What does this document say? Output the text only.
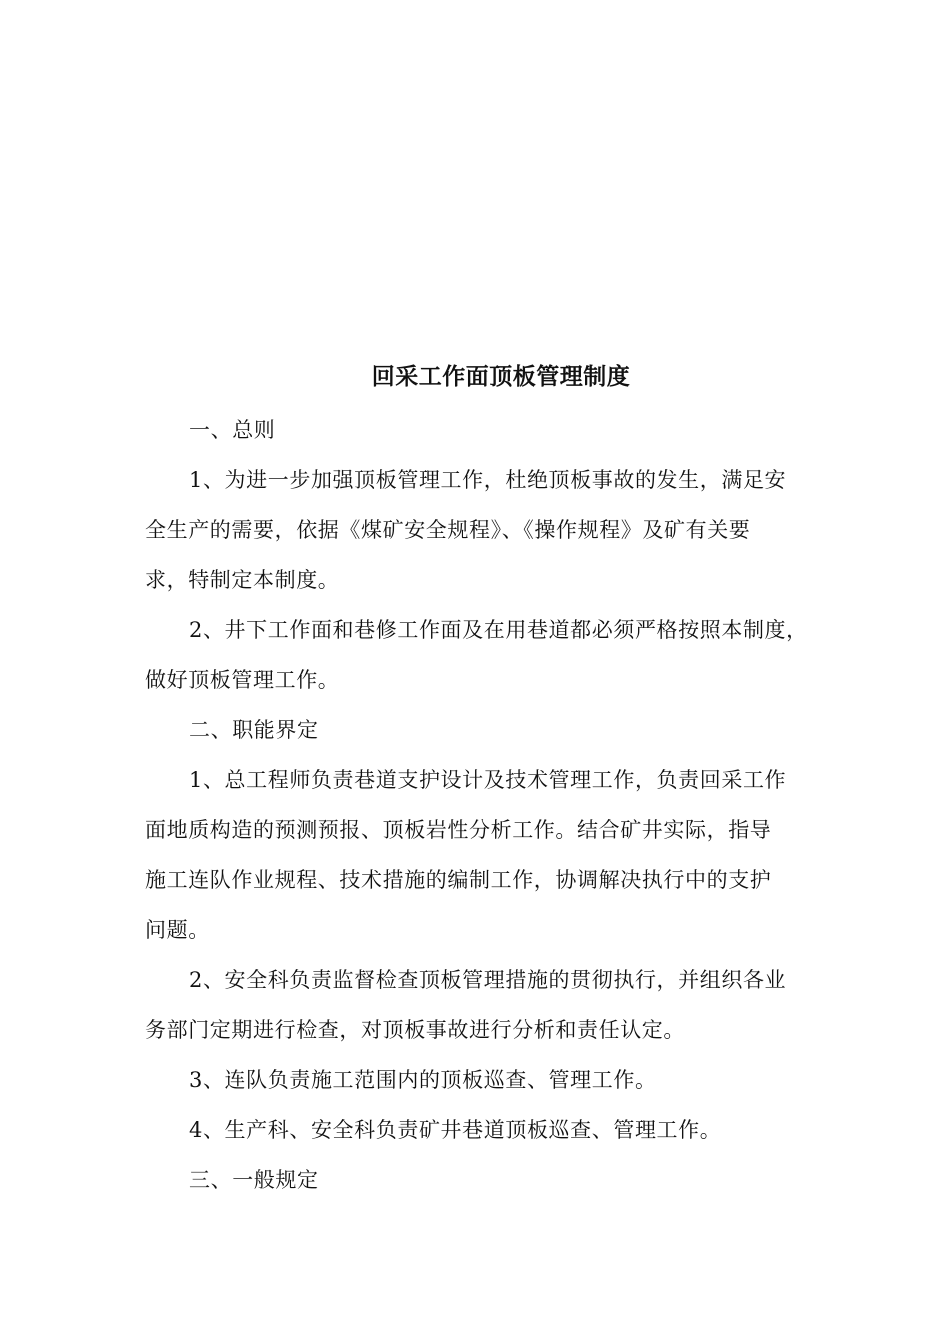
回采工作面顶板管理制度

一、总则

1、为进一步加强顶板管理工作，杜绝顶板事故的发生，满足安
全生产的需要，依据《煤矿安全规程》、《操作规程》及矿有关要
求，特制定本制度。

2、井下工作面和巷修工作面及在用巷道都必须严格按照本制度，
做好顶板管理工作。

二、职能界定

1、总工程师负责巷道支护设计及技术管理工作，负责回采工作
面地质构造的预测预报、顶板岩性分析工作。结合矿井实际，指导
施工连队作业规程、技术措施的编制工作，协调解决执行中的支护
问题。

2、安全科负责监督检查顶板管理措施的贯彻执行，并组织各业
务部门定期进行检查，对顶板事故进行分析和责任认定。

3、连队负责施工范围内的顶板巡查、管理工作。

4、生产科、安全科负责矿井巷道顶板巡查、管理工作。

三、一般规定
